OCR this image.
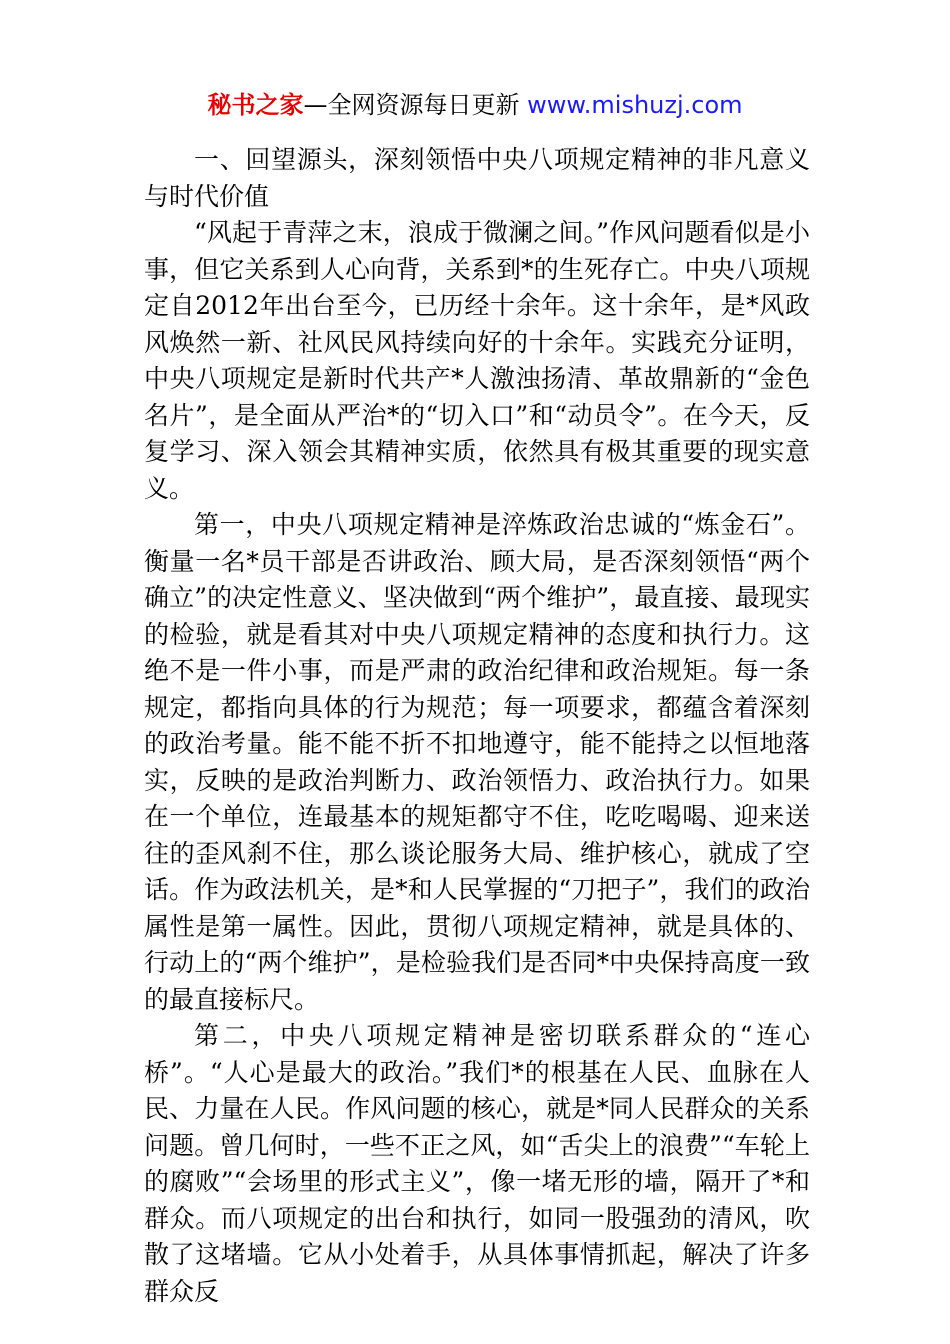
秘书之家—全网资源每日更新 www.mishuzj.com

一、回望源头，深刻领悟中央八项规定精神的非凡意义与时代价值

“风起于青萍之末，浪成于微澜之间。”作风问题看似是小事，但它关系到人心向背，关系到*的生死存亡。中央八项规定自2012年出台至今，已历经十余年。这十余年，是*风政风焕然一新、社风民风持续向好的十余年。实践充分证明，中央八项规定是新时代共产*人激浊扬清、革故鼎新的“金色名片”，是全面从严治*的“切入口”和“动员令”。在今天，反复学习、深入领会其精神实质，依然具有极其重要的现实意义。

第一，中央八项规定精神是淬炼政治忠诚的“炼金石”。衡量一名*员干部是否讲政治、顾大局，是否深刻领悟“两个确立”的决定性意义、坚决做到“两个维护”，最直接、最现实的检验，就是看其对中央八项规定精神的态度和执行力。这绝不是一件小事，而是严肃的政治纪律和政治规矩。每一条规定，都指向具体的行为规范；每一项要求，都蕴含着深刻的政治考量。能不能不折不扣地遵守，能不能持之以恒地落实，反映的是政治判断力、政治领悟力、政治执行力。如果在一个单位，连最基本的规矩都守不住，吃吃喝喝、迎来送往的歪风刹不住，那么谈论服务大局、维护核心，就成了空话。作为政法机关，是*和人民掌握的“刀把子”，我们的政治属性是第一属性。因此，贯彻八项规定精神，就是具体的、行动上的“两个维护”，是检验我们是否同*中央保持高度一致的最直接标尺。

第二，中央八项规定精神是密切联系群众的“连心桥”。“人心是最大的政治。”我们*的根基在人民、血脉在人民、力量在人民。作风问题的核心，就是*同人民群众的关系问题。曾几何时，一些不正之风，如“舌尖上的浪费”“车轮上的腐败”“会场里的形式主义”，像一堵无形的墙，隔开了*和群众。而八项规定的出台和执行，如同一股强劲的清风，吹散了这堵墙。它从小处着手，从具体事情抓起，解决了许多群众反
